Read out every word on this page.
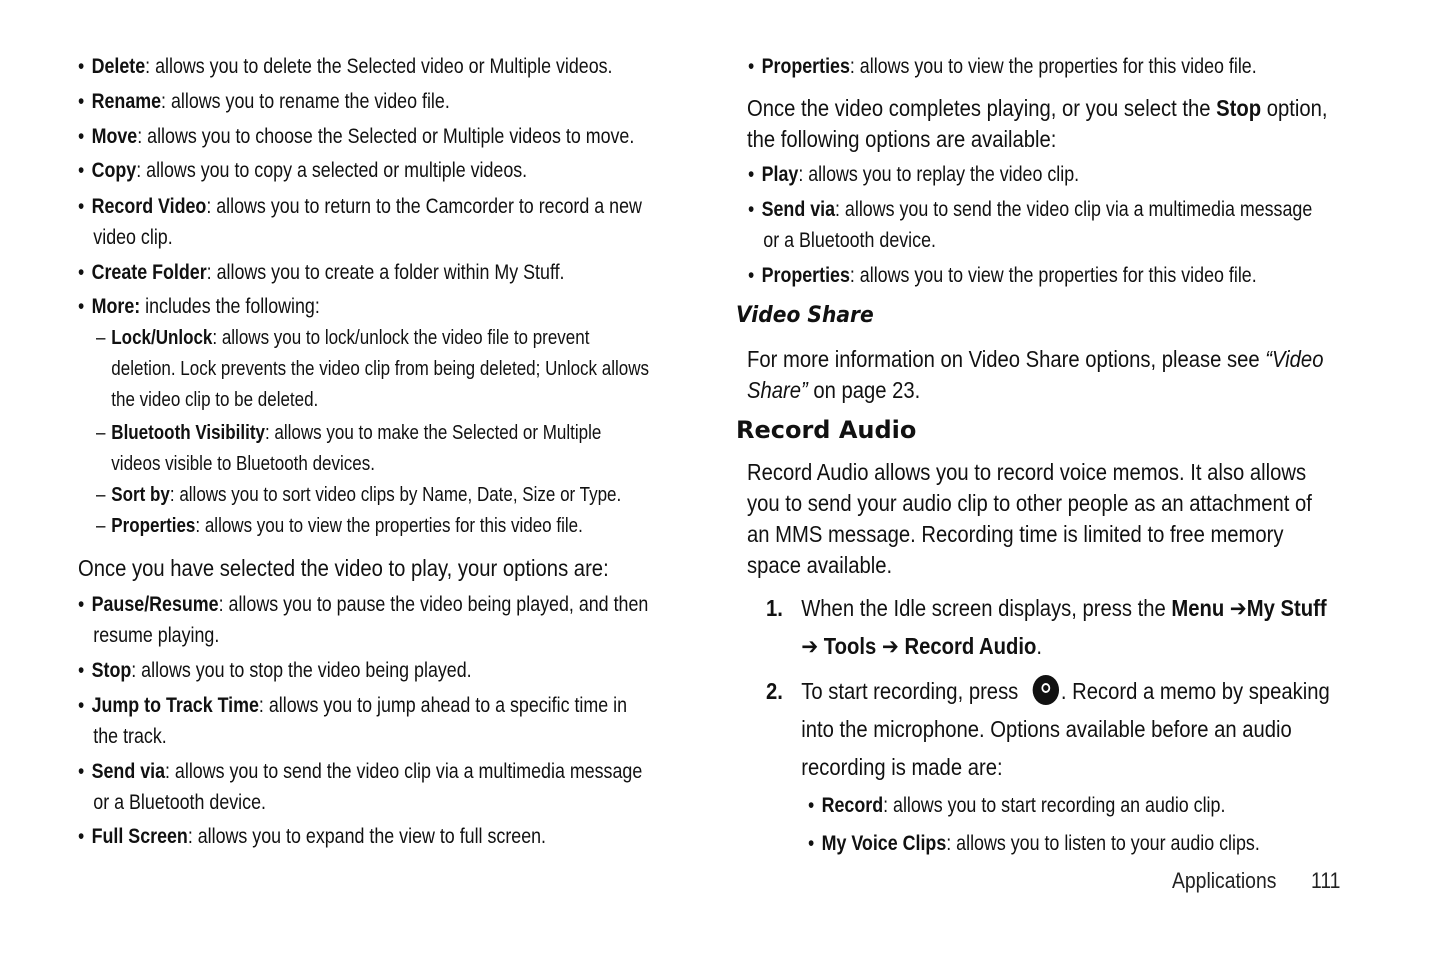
• Delete: allows you to delete the Selected video or Multiple videos.
• Rename: allows you to rename the video file.
• Move: allows you to choose the Selected or Multiple videos to move.
• Copy: allows you to copy a selected or multiple videos.
• Record Video: allows you to return to the Camcorder to record a new
video clip.
• Create Folder: allows you to create a folder within My Stuff.
• More: includes the following:
– Lock/Unlock: allows you to lock/unlock the video file to prevent
deletion. Lock prevents the video clip from being deleted; Unlock allows
the video clip to be deleted.
– Bluetooth Visibility: allows you to make the Selected or Multiple
videos visible to Bluetooth devices.
– Sort by: allows you to sort video clips by Name, Date, Size or Type.
– Properties: allows you to view the properties for this video file.
Once you have selected the video to play, your options are:
• Pause/Resume: allows you to pause the video being played, and then
resume playing.
• Stop: allows you to stop the video being played.
• Jump to Track Time: allows you to jump ahead to a specific time in
the track.
• Send via: allows you to send the video clip via a multimedia message
or a Bluetooth device.
• Full Screen: allows you to expand the view to full screen.
• Properties: allows you to view the properties for this video file.
Once the video completes playing, or you select the Stop option,
the following options are available:
• Play: allows you to replay the video clip.
• Send via: allows you to send the video clip via a multimedia message
or a Bluetooth device.
• Properties: allows you to view the properties for this video file.
Video Share
For more information on Video Share options, please see “Video
Share” on page 23.
Record Audio
Record Audio allows you to record voice memos. It also allows
you to send your audio clip to other people as an attachment of
an MMS message. Recording time is limited to free memory
space available.
1. When the Idle screen displays, press the Menu ➔My Stuff
➔ Tools ➔ Record Audio.
2. To start recording, press . Record a memo by speaking
into the microphone. Options available before an audio
recording is made are:
• Record: allows you to start recording an audio clip.
• My Voice Clips: allows you to listen to your audio clips.
Applications 111
